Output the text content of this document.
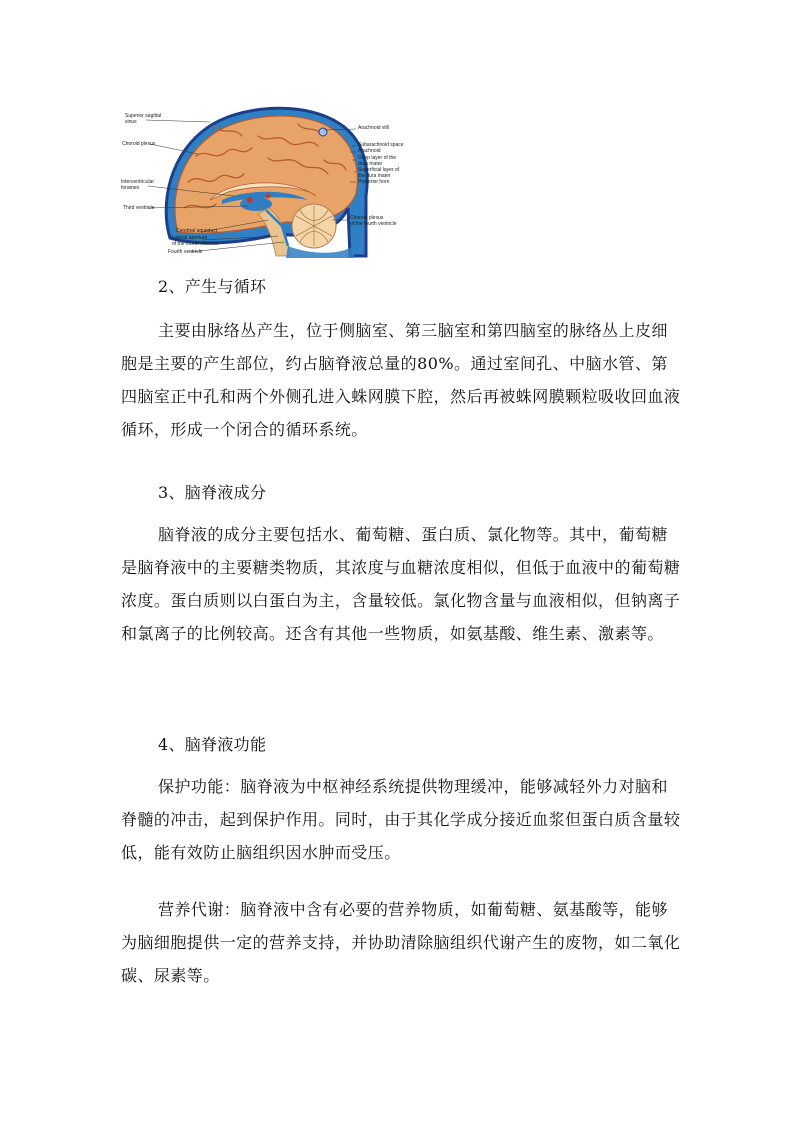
Superior sagittal
sinus
Choroid plexus
Interventricular
foramen
Third ventricle
Cerebral aqueduct
Lateral aperture
of the fourth ventricle
Fourth ventricle
Arachnoid villi
Subarachnoid space
Arachnoid
Deep layer of the
dura mater
Superficial layer of
the dura mater
Posterior horn
Choroid plexus
of the fourth ventricle
2、产生与循环

主要由脉络丛产生，位于侧脑室、第三脑室和第四脑室的脉络丛上皮细胞是主要的产生部位，约占脑脊液总量的80%。通过室间孔、中脑水管、第四脑室正中孔和两个外侧孔进入蛛网膜下腔，然后再被蛛网膜颗粒吸收回血液循环，形成一个闭合的循环系统。

3、脑脊液成分

脑脊液的成分主要包括水、葡萄糖、蛋白质、氯化物等。其中，葡萄糖是脑脊液中的主要糖类物质，其浓度与血糖浓度相似，但低于血液中的葡萄糖浓度。蛋白质则以白蛋白为主，含量较低。氯化物含量与血液相似，但钠离子和氯离子的比例较高。还含有其他一些物质，如氨基酸、维生素、激素等。

4、脑脊液功能

保护功能：脑脊液为中枢神经系统提供物理缓冲，能够减轻外力对脑和脊髓的冲击，起到保护作用。同时，由于其化学成分接近血浆但蛋白质含量较低，能有效防止脑组织因水肿而受压。

营养代谢：脑脊液中含有必要的营养物质，如葡萄糖、氨基酸等，能够为脑细胞提供一定的营养支持，并协助清除脑组织代谢产生的废物，如二氧化碳、尿素等。
